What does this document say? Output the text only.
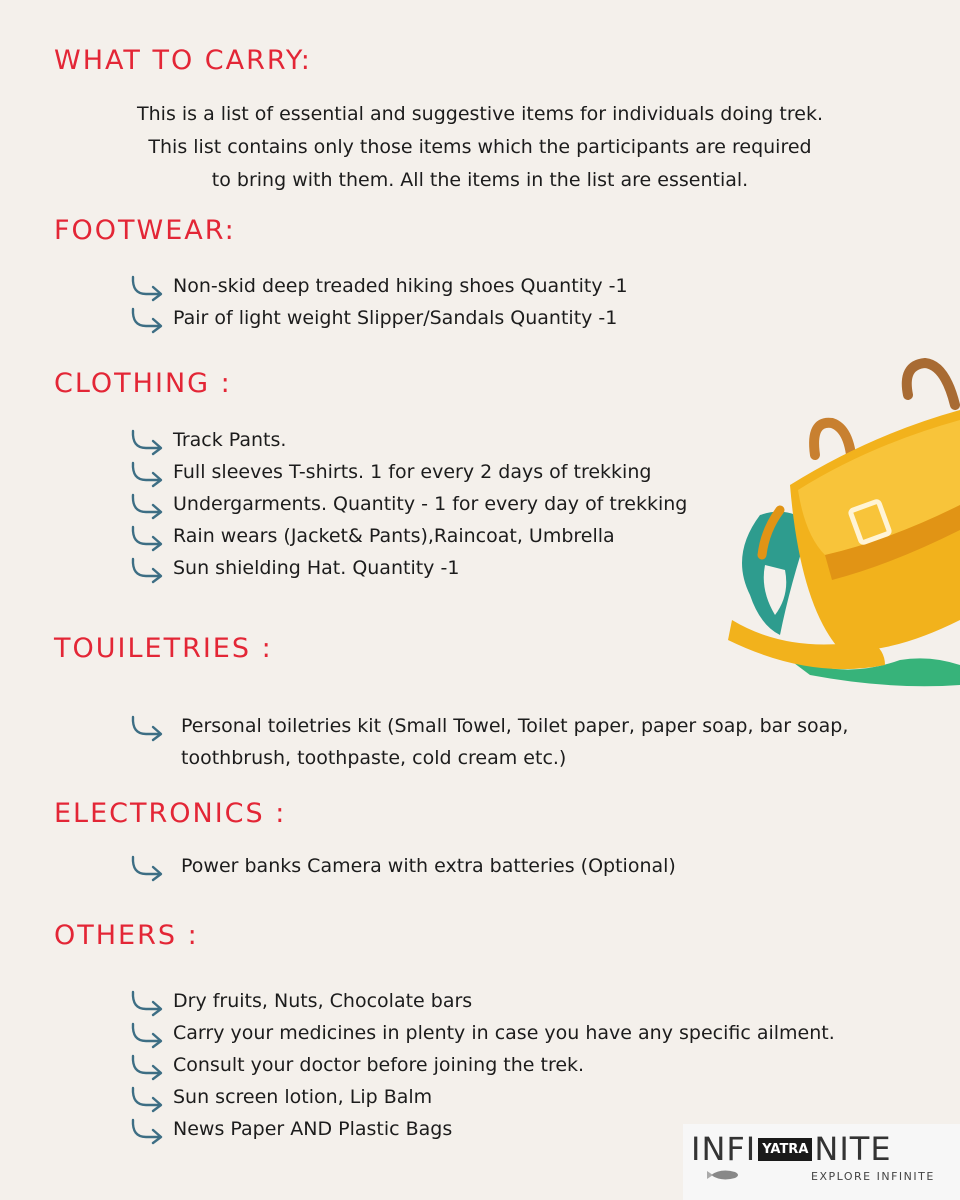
WHAT TO CARRY:
This is a list of essential and suggestive items for individuals doing trek.
This list contains only those items which the participants are required
to bring with them. All the items in the list are essential.
FOOTWEAR:
Non-skid deep treaded hiking shoes Quantity -1
Pair of light weight Slipper/Sandals Quantity -1
CLOTHING :
Track Pants.
Full sleeves T-shirts. 1 for every 2 days of trekking
Undergarments. Quantity - 1 for every day of trekking
Rain wears (Jacket& Pants),Raincoat, Umbrella
Sun shielding Hat. Quantity -1
TOUILETRIES :
Personal toiletries kit (Small Towel, Toilet paper, paper soap, bar soap, toothbrush, toothpaste, cold cream etc.)
ELECTRONICS :
Power banks Camera with extra batteries (Optional)
OTHERS :
Dry fruits, Nuts, Chocolate bars
Carry your medicines in plenty in case you have any specific ailment.
Consult your doctor before joining the trek.
Sun screen lotion, Lip Balm
News Paper AND Plastic Bags
INFI YATRA NITE
EXPLORE INFINITE
